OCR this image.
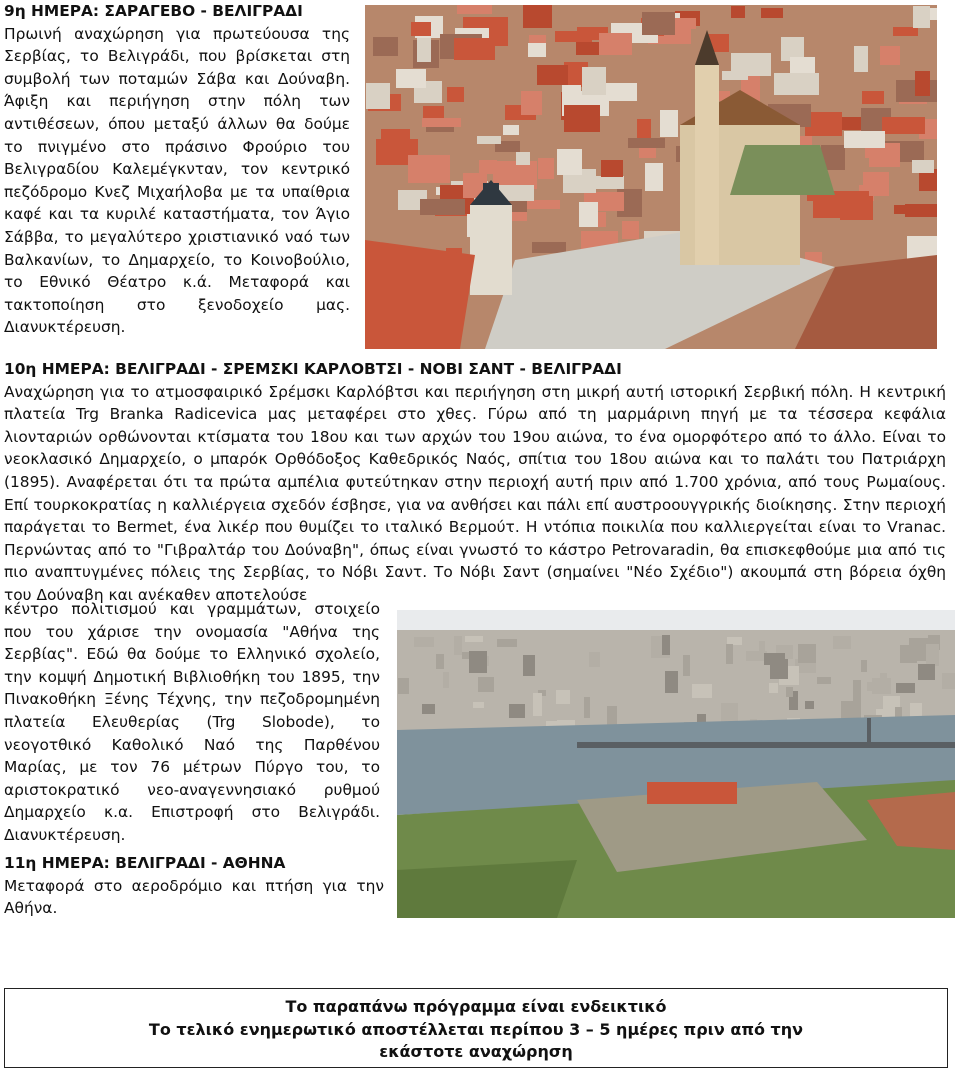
9η ΗΜΕΡΑ: ΣΑΡΑΓΕΒΟ - ΒΕΛΙΓΡΑΔΙ

Πρωινή αναχώρηση για πρωτεύουσα της Σερβίας, το Βελιγράδι, που βρίσκεται στη συμβολή των ποταμών Σάβα και Δούναβη. Άφιξη και περιήγηση στην πόλη των αντιθέσεων, όπου μεταξύ άλλων θα δούμε το πνιγμένο στο πράσινο Φρούριο του Βελιγραδίου Καλεμέγκνταν, τον κεντρικό πεζόδρομο Κνεζ Μιχαήλοβα με τα υπαίθρια καφέ και τα κυριλέ καταστήματα, τον Άγιο Σάββα, το μεγαλύτερο χριστιανικό ναό των Βαλκανίων, το Δημαρχείο, το Κοινοβούλιο, το Εθνικό Θέατρο κ.ά. Μεταφορά και τακτοποίηση στο ξενοδοχείο μας. Διανυκτέρευση.

10η ΗΜΕΡΑ: ΒΕΛΙΓΡΑΔΙ - ΣΡΕΜΣΚΙ ΚΑΡΛΟΒΤΣΙ - ΝΟΒΙ ΣΑΝΤ - ΒΕΛΙΓΡΑΔΙ

Αναχώρηση για το ατμοσφαιρικό Σρέμσκι Καρλόβτσι και περιήγηση στη μικρή αυτή ιστορική Σερβική πόλη. Η κεντρική πλατεία Trg Branka Radicevica μας μεταφέρει στο χθες. Γύρω από τη μαρμάρινη πηγή με τα τέσσερα κεφάλια λιονταριών ορθώνονται κτίσματα του 18ου και των αρχών του 19ου αιώνα, το ένα ομορφότερο από το άλλο. Είναι το νεοκλασικό Δημαρχείο, ο μπαρόκ Ορθόδοξος Καθεδρικός Ναός, σπίτια του 18ου αιώνα και το παλάτι του Πατριάρχη (1895). Αναφέρεται ότι τα πρώτα αμπέλια φυτεύτηκαν στην περιοχή αυτή πριν από 1.700 χρόνια, από τους Ρωμαίους. Επί τουρκοκρατίας η καλλιέργεια σχεδόν έσβησε, για να ανθήσει και πάλι επί αυστροουγγρικής διοίκησης. Στην περιοχή παράγεται το Bermet, ένα λικέρ που θυμίζει το ιταλικό Βερμούτ. Η ντόπια ποικιλία που καλλιεργείται είναι το Vranac. Περνώντας από το "Γιβραλτάρ του Δούναβη", όπως είναι γνωστό το κάστρο Petrovaradin, θα επισκεφθούμε μια από τις πιο αναπτυγμένες πόλεις της Σερβίας, το Νόβι Σαντ. Το Νόβι Σαντ (σημαίνει "Νέο Σχέδιο") ακουμπά στη βόρεια όχθη του Δούναβη και ανέκαθεν αποτελούσε

κέντρο πολιτισμού και γραμμάτων, στοιχείο που του χάρισε την ονομασία "Αθήνα της Σερβίας". Εδώ θα δούμε το Ελληνικό σχολείο, την κομψή Δημοτική Βιβλιοθήκη του 1895, την Πινακοθήκη Ξένης Τέχνης, την πεζοδρομημένη πλατεία Ελευθερίας (Trg Slobode), το νεογοτθικό Καθολικό Ναό της Παρθένου Μαρίας, με τον 76 μέτρων Πύργο του, το αριστοκρατικό νεο-αναγεννησιακό ρυθμού Δημαρχείο κ.α. Επιστροφή στο Βελιγράδι. Διανυκτέρευση.

11η ΗΜΕΡΑ: ΒΕΛΙΓΡΑΔΙ - ΑΘΗΝΑ

Μεταφορά στο αεροδρόμιο και πτήση για την Αθήνα.

Το παραπάνω πρόγραμμα είναι ενδεικτικό

Το τελικό ενημερωτικό αποστέλλεται περίπου 3 – 5 ημέρες πριν από την

εκάστοτε αναχώρηση
